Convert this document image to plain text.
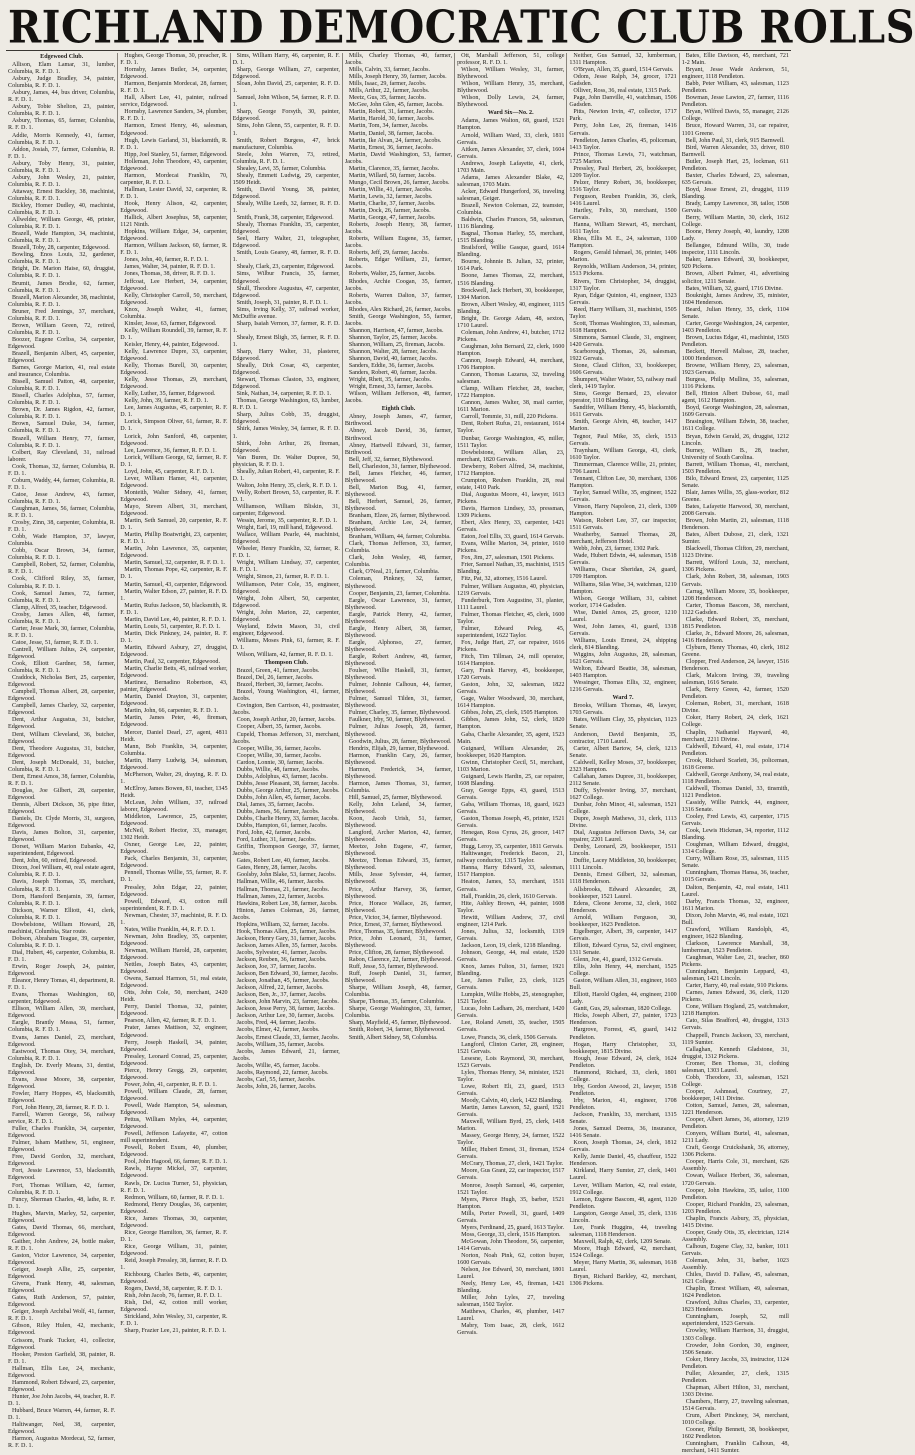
RICHLAND DEMOCRATIC CLUB ROLLS

Edgewood Club.

Allison, Elam Lamar, 31, lumber, Columbia, R. F. D. 1.

Asbury, Judge Bradley, 34, painter, Columbia, R. F. D. 1.

Asbury, James, 44, bus driver, Columbia, R. F. D. 1.

Asbury, Tobie Shelton, 23, painter, Columbia, R. F. D. 1.

Asbury, Thomas, 65, farmer, Columbia, R. F. D. 1.

Addie, Morris Kennedy, 41, farmer, Columbia, R. F. D. 1.

Addon, Josiah, 77, farmer, Columbia, R. F. D. 1.

Asbury, Toby Henry, 31, painter, Columbia, R. F. D. 1.

Asbury, John Wesley, 21, painter, Columbia, R. F. D. 1.

Attaway, Ernest Buckley, 38, machinist, Columbia, R. F. D. 1.

Bickley, Homer Dudley, 40, machinist, Columbia, R. F. D. 1.

Allwelder, William George, 48, printer, Columbia, R. F. D. 1.

Brazell, Wade Hampton, 34, machinist, Columbia, R. F. D. 1.

Brazell, Toby, 28, carpenter, Edgewood.

Bowling, Enos Louis, 32, gardener, Columbia, R. F. D. 1.

Bright, Dr. Marion Haise, 60, druggist, Columbia, R. F. D. 1.

Brumit, James Brodie, 62, farmer, Columbia, R. F. D. 1.

Brazell, Marion Alexander, 38, machinist, Columbia, R. F. D. 1.

Bruner, Fred Jennings, 37, merchant, Columbia, R. F. D. 1.

Brown, William Green, 72, retired, Columbia, R. F. D. 1.

Boozer, Eugene Corliss, 34, carpenter, Edgewood.

Brazell, Benjamin Albert, 45, carpenter, Edgewood.

Barnes, George Marion, 41, real estate and insurance, Columbia.

Bissell, Samuel Patton, 48, carpenter, Columbia, R. F. D. 1.

Bissell, Charles Adolphus, 57, farmer, Columbia, R. F. D. 1.

Brown, Dr. James Rigdon, 42, farmer, Columbia, R. F. D. 1.

Brown, Samuel Duke, 34, farmer, Columbia, R. F. D. 1.

Brazell, William Henry, 77, farmer, Columbia, R. F. D. 1.

Colbert, Ray Cleveland, 31, railroad laborer.

Cook, Thomas, 32, farmer, Columbia, R. F. D. 1.

Coburn, Waddy, 44, farmer, Columbia, R. F. D. 1.

Catoe, Jesse Andrew, 43, farmer, Columbia, R. F. D. 1.

Caughman, James, 56, farmer, Columbia, R. F. D. 1.

Crosby, Zinn, 38, carpenter, Columbia, R. F. D. 1.

Cobb, Wade Hampton, 37, lawyer, Columbia.

Cobb, Oscar Brown, 34, farmer, Columbia, R. F. D. 1.

Campbell, Robert, 52, farmer, Columbia, R. F. D. 1.

Cook, Clifford Riley, 35, farmer, Columbia, R. F. D. 1.

Cook, Samuel James, 72, farmer, Columbia, R. F. D. 1.

Clamp, Alfred, 35, teacher, Edgewood.

Crosby, James Allen, 48, farmer, Columbia, R. F. D. 1.

Carter, Jesse Mark, 30, farmer, Columbia, R. F. D. 1.

Catoe, Jesse, 51, farmer, R. F. D. 1.

Cantrell, William Julius, 24, carpenter, Edgewood.

Cook, Elliott Gardner, 58, farmer, Columbia, R. F. D. 1.

Craddock, Nicholas Bert, 25, carpenter, Edgewood.

Campbell, Thomas Albert, 28, carpenter, Edgewood.

Campbell, James Charley, 32, carpenter, Edgewood.

Dent, Arthur Augustus, 31, butcher, Edgewood.

Dent, William Cleveland, 36, butcher, Edgewood.

Dent, Theodore Augustus, 31, butcher, Edgewood.

Dent, Joseph McDonald, 31, butcher, Columbia, R. F. D. 1.

Dent, Ernest Amos, 38, farmer, Columbia, R. F. D. 1.

Douglas, Joe Gilbert, 28, carpenter, Edgewood.

Dennis, Albert Dickson, 36, pipe fitter, Edgewood.

Daniels, Dr. Clyde Morris, 31, surgeon, Edgewood.

Davis, James Bolton, 31, carpenter, Edgewood.

Dorset, William Marion Eubanks, 42, superintendent, Edgewood.

Dent, John, 60, retired, Edgewood.

Dixon, Joel William, 40, real estate agent, Columbia, R. F. D. 1.

Davis, Joseph Thomas, 35, merchant, Columbia, R. F. D. 1.

Dorn, Hansford Benjamin, 39, farmer, Columbia, R. F. D. 1.

Dickson, Warner Elliott, 41, clerk, Columbia, R. F. D. 1.

Dowbelstone, William Howard, 28, machinist, Columbia, Star route.

Dobson, Abraham Teague, 39, carpenter, Columbia, R. F. D. 1.

Dial, Hubert, 46, carpenter, Columbia, R. F. D. 1.

Erwin, Roger Joseph, 24, painter, Edgewood.

Eleanor, Henry Tomas, 41, department, R. F. D. 1.

Evans, Thomas Washington, 60, carpenter, Edgewood.

Ellison, William Allen, 39, merchant, Edgewood.

Eargle, Brantly Measa, 51, farmer, Columbia, R. F. D. 1.

Evans, James Daniel, 23, merchant, Edgewood.

Eastwood, Thomas Otey, 34, merchant, Columbia, R. F. D. 1.

English, Dr. Everly Means, 31, dentist, Edgewood.

Evans, Jesse Moore, 38, carpenter, Edgewood.

Fowler, Harry Hoppes, 45, blacksmith, Edgewood.

Fort, John Henry, 28, farmer, R. F. D. 1.

Farrell, Warren George, 56, railway service, R. F. D. 1.

Fuller, Charles Franklin, 34, carpenter, Edgewood.

Fulmer, Isham Matthew, 51, engineer, Edgewood.

Free, David Gordon, 32, merchant, Edgewood.

Fort, Jessie Lawrence, 53, blacksmith, Edgewood.

Fort, Thomas William, 42, farmer, Columbia, R. F. D. 1.

Funcy, Sherman Charles, 48, lathe, R. F. D. 1.

Hughes, Marvin, Marley, 52, carpenter, Edgewood.

Gates, David Thomas, 66, merchant, Edgewood.

Gaither, John Andrew, 24, bottle maker, R. F. D. 1.

Gaston, Victor Lawrence, 34, carpenter, Edgewood.

Geiger, Joseph Allie, 25, carpenter, Edgewood.

Givens, Frank Henry, 48, salesman, Edgewood.

Gates, Ruth Anderson, 57, painter, Edgewood.

Geiger, Joseph Archibal Wolf, 41, farmer, R. F. D. 1.

Gibson, Riley Hulen, 42, mechanic, Edgewood.

Grissom, Frank Tucker, 41, collector, Edgewood.

Hooker, Preston Garfield, 38, painter, R. F. D. 1.

Hallman, Ellis Lee, 24, mechanic, Edgewood.

Hammond, Robert Edward, 23, carpenter, Edgewood.

Hunter, Joe John Jacobs, 44, teacher, R. F. D. 1.

Hubbard, Bruce Warren, 44, farmer, R. F. D. 1.

Haltiwanger, Ned, 38, carpenter, Edgewood.

Harmon, Augustus Mordecai, 52, farmer, R. F. D. 1.

Hughes, George Thomas, 30, preacher, R. F. D. 1.

Hornsby, James Butler, 34, carpenter, Edgewood.

Harmon, Benjamin Mordecai, 28, farmer, R. F. D. 1.

Hall, Albert Lee, 41, painter, railroad service, Edgewood.

Hornsby, Lawrence Sanders, 34, plumber, R. F. D. 1.

Harmon, Ernest Henry, 46, salesman, Edgewood.

Hugh, Lewis Garland, 31, blacksmith, R. F. D. 1.

Hipp, Joel Stanley, 51, farmer, Edgewood.

Holleman, John Theodore, 43, carpenter, Edgewood.

Harmon, Mordecai Franklin, 70, carpenter, R. F. D. 1.

Hallman, Lester David, 32, carpenter, R. F. D. 1.

Hook, Henry Alison, 42, carpenter, Edgewood.

Hallick, Albert Josephus, 58, carpenter, 1121 Ninth.

Hopkins, William Edgar, 34, carpenter, Edgewood.

Harmon, William Jackson, 60, farmer, R. F. D. 1.

Jones, John, 40, farmer, R. F. D. 1.

James, Walter, 34, painter, R. F. D. 1.

Jones, Thomas, 38, driver, R. F. D. 1.

Jeffcoat, Lee Herbert, 34, carpenter, Edgewood.

Kelly, Christopher Carroll, 50, merchant, Edgewood.

Knox, Joseph Walter, 41, farmer, Columbia.

Kinsler, Jesse, 63, farmer, Edgewood.

Kelly, William Roundell, 39, farmer, R. F. D. 1.

Keisler, Henry, 44, painter, Edgewood.

Kelly, Lawrence Dupre, 33, carpenter, Edgewood.

Kelly, Thomas Burell, 30, carpenter, Edgewood.

Kelly, Jesse Thomas, 29, merchant, Edgewood.

Kelly, Luther, 35, farmer, Edgewood.

Kelly, John, 39, farmer, R. F. D. 1.

Lee, James Augustus, 45, carpenter, R. F. D. 1.

Lorick, Simpson Oliver, 61, farmer, R. F. D. 1.

Lorick, John Sanford, 48, carpenter, Edgewood.

Lee, Lawrence, 36, farmer, R. F. D. 1.

Lorick, William George, 62, farmer, R. F. D. 1.

Loyd, John, 45, carpenter, R. F. D. 1.

Lever, William Hamer, 41, carpenter, Edgewood.

Monteith, Walter Sidney, 41, farmer, Edgewood.

Mayo, Steven Albert, 31, merchant, Edgewood.

Martin, Seth Samuel, 20, carpenter, R. F. D. 1.

Martin, Phillip Boatwright, 23, carpenter, R. F. D. 1.

Martin, John Lawrence, 35, carpenter, Edgewood.

Martin, Samuel, 32, carpenter, R. F. D. 1.

Martin, Thomas Pope, 42, carpenter, R. F. D. 1.

Martin, Samuel, 43, carpenter, Edgewood.

Martin, Walter Edson, 27, painter, R. F. D. 1.

Martin, Rufus Jackson, 50, blacksmith, R. F. D. 1.

Martin, David Lee, 40, painter, R. F. D. 1.

Martin, Louis, 51, carpenter, R. F. D. 1.

Martin, Dick Pinkney, 24, painter, R. F. D. 1.

Martin, Edward Asbury, 27, druggist, Edgewood.

Martin, Paul, 32, carpenter, Edgewood.

Martin, Charlie Betts, 45, railroad worker, Edgewood.

Martinez, Bernadino Robertson, 43, painter, Edgewood.

Martin, Daniel Drayton, 31, carpenter, Edgewood.

Martin, John, 66, carpenter, R. F. D. 1.

Martin, James Peter, 46, fireman, Edgewood.

Mercer, Daniel Dearl, 27, agent, 4811 Heidt.

Mann, Bob Franklin, 34, carpenter, Columbia.

Martin, Harry Ludwig, 34, salesman, Edgewood.

McPherson, Walter, 29, draying, R. F. D. 1.

McElroy, James Bowen, 81, teacher, 1345 Heidt.

McLean, John William, 37, railroad laborer, Edgewood.

Middleton, Lawrence, 25, carpenter, Edgewood.

McNeil, Robert Hector, 33, manager, 1302 Heidt.

Oxner, George Lee, 22, painter, Edgewood.

Pack, Charles Benjamin, 31, carpenter, Edgewood.

Pennell, Thomas Willie, 55, farmer, R. F. D. 1.

Pressley, John Edgar, 22, painter, Edgewood.

Powell, Edward, 43, cotton mill superintendent, R. F. D. 1.

Newman, Chester, 37, machinist, R. F. D. 1.

Nates, Willie Franklin, 44, R. F. D. 1.

Newman, John Bradley, 35, carpenter, Edgewood.

Newman, William Harold, 28, carpenter, Edgewood.

Nettles, Joseph Bates, 43, carpenter, Edgewood.

Owens, Samuel Harmon, 51, real estate, Edgewood.

Otts, John Cole, 50, merchant, 2420 Heidt.

Perry, Daniel Thomas, 32, painter, Edgewood.

Pearson, Allen, 42, farmer, R. F. D. 1.

Prater, James Mattison, 32, engineer, Edgewood.

Perry, Joseph Haskell, 34, painter, Edgewood.

Pressley, Leonard Conrad, 25, carpenter, Edgewood.

Pierce, Henry Gregg, 29, carpenter, Edgewood.

Power, John, 41, carpenter, R. F. D. 1.

Powell, William Claude, 28, farmer, Edgewood.

Powell, Wade Hampton, 54, salesman, Edgewood.

Pettus, William Myles, 44, carpenter, Edgewood.

Powell, Jefferson Lafayette, 47, cotton mill superintendent.

Powell, Robert Exum, 40, plumber, Edgewood.

Pool, John Hagood, 66, farmer, R. F. D. 1.

Rawls, Hayne Mickel, 37, carpenter, Edgewood.

Rawls, Dr. Lucius Turner, 51, physician, R. F. D. 1.

Redmon, William, 60, farmer, R. F. D. 1.

Redmond, Henry Douglas, 36, carpenter, Edgewood.

Rice, James Thomas, 30, carpenter, Edgewood.

Rice, George Hamilton, 36, farmer, R. F. D. 1.

Rice, George William, 31, painter, Edgewood.

Reid, Joseph Pressley, 38, farmer, R. F. D. 1.

Richbourg, Charles Betts, 46, carpenter, Edgewood.

Rogers, David, 38, carpenter, R. F. D. 1.

Rish, John Jacob, 76, farmer, R. F. D. 1.

Rish, Del, 42, cotton mill worker, Edgewood.

Strickland, John Wesley, 31, carpenter, R. F. D. 1.

Sharp, Frazier Lee, 21, painter, R. F. D. 1.

Sims, William Harry, 46, carpenter, R. F. D. 1.

Sharp, George William, 27, carpenter, Edgewood.

Sloan, John David, 25, carpenter, R. F. D. 1.

Samuel, John Wilson, 54, farmer, R. F. D. 1.

Sharp, George Forsyth, 30, painter, Edgewood.

Sims, John Glenn, 55, carpenter, R. F. D. 1.

Smith, Robert Burgess, 47, brick manufacturer, Columbia.

Steele, John Warren, 73, retired, Columbia, R. F. D. 1.

Shealey, Levi, 35, farmer, Columbia.

Shealy, Emmett Ludwig, 29, carpenter, 1509 Heidt.

Smith, David Young, 38, painter, Edgewood.

Shealy, Willie Leeth, 32, farmer, R. F. D. 1.

Smith, Frank, 38, carpenter, Edgewood.

Shealy, Thomas Franklin, 35, carpenter, Edgewood.

Seel, Harry Walter, 21, telegrapher, Edgewood.

Smith, Louis Gearey, 48, farmer, R. F. D. 1.

Shealy, Clark, 23, carpenter, Edgewood.

Sims, Wilbur Francis, 35, farmer, Edgewood.

Shull, Theodore Augustus, 47, carpenter, Edgewood.

Smith, Joseph, 31, painter, R. F. D. 1.

Sims, Irving Kelly, 37, railroad worker, McDuffie avenue.

Sharp, Isaiah Vernon, 37, farmer, R. F. D. 1.

Shealy, Ernest Bligh, 35, farmer, R. F. D. 1.

Sharp, Harry Walter, 31, plasterer, Edgewood.

Sheally, Dirk Cosar, 43, carpenter, Edgewood.

Stewart, Thomas Claston, 33, engineer, Edgewood.

Sink, Nathan, 34, carpenter, R. F. D. 1.

Thomas, George Washington, 63, lumber, R. F. D. 1.

Sharp, Julius Cobb, 35, druggist, Edgewood.

Shirk, James Wesley, 34, farmer, R. F. D. 1.

Shirk, John Arthur, 26, fireman, Edgewood.

Van Buren, Dr. Walter Dupree, 50, physician, R. F. D. 1.

Sheally, Julian Robert, 41, carpenter, R. F. D. 1.

Walton, John Henry, 35, clerk, R. F. D. 1.

Welly, Robert Brown, 53, carpenter, R. F. D. 1.

Williamson, William Bliskin, 31, carpenter, Edgewood.

Wessin, Jerome, 35, carpenter, R. F. D. 1.

Wright, Earl, 19, mill hand, Edgewood.

Wallace, William Pearle, 44, machinist, Edgewood.

Wheeler, Henry Franklin, 32, farmer, R. F. D. 1.

Wright, William Lindsay, 37, carpenter, R. F. D. 1.

Wright, Simon, 21, farmer, R. F. D. 1.

Williamson, Peter Cole, 35, engineer, Edgewood.

Wright, John Albert, 50, carpenter, Edgewood.

Wright, John Marion, 22, carpenter, Edgewood.

Wayland, Edwin Mason, 31, civil engineer, Edgewood.

Williams, Moses Pink, 61, farmer, R. F. D. 1.

Wilson, William, 42, farmer, R. F. D. 1.

Thompson Club.

Brazel, Green, 41, farmer, Jacobs.

Brazel, Del, 26, farmer, Jacobs.

Brazel, Herbert, 30, farmer, Jacobs.

Brazel, Young Washington, 41, farmer, Jacobs.

Covington, Ben Carrison, 41, postmaster, Jacobs.

Coon, Joseph Arthur, 20, farmer, Jacobs.

Cooper, Albert, 35, farmer, Jacobs.

Cupeld, Thomas Jefferson, 31, merchant, Jacobs.

Cooper, Willie, 36, farmer, Jacobs.

Cooper, Willie, 30, farmer, Jacobs.

Cardon, Lonnie, 30, farmer, Jacobs.

Dubbs, Willie, 48, farmer, Jacobs.

Dubbs, Adolphus, 43, farmer, Jacobs.

Dubbs, Jesse Pleasant, 38, farmer, Jacobs.

Dubbs, George Arthur, 25, farmer, Jacobs.

Dubbs, John Allen, 45, farmer, Jacobs.

Dial, James, 35, farmer, Jacobs.

Dubbs, James, 56, farmer, Jacobs.

Dubbs, Charlie Henry, 33, farmer, Jacobs.

Dubbs, Hampton, 61, farmer, Jacobs.

Ford, John, 42, farmer, Jacobs.

Ford, Luther, 31, farmer, Jacobs.

Griffin, Thompson George, 37, farmer, Jacobs.

Gates, Robert Lee, 40, farmer, Jacobs.

Gates, Henry, 28, farmer, Jacobs.

Goolsby, John Blake, 53, farmer, Jacobs.

Hallman, Willie, 46, farmer, Jacobs.

Hallman, Thomas, 21, farmer, Jacobs.

Hallman, James, 22, farmer, Jacobs.

Hawkins, Robert Lee, 38, farmer, Jacobs.

Hinton, James Coleman, 26, farmer, Jacobs.

Hopkins, William, 32, farmer, Jacobs.

Hook, Thomas Allen, 25, farmer, Jacobs.

Jackson, Henry Gary, 31, farmer, Jacobs.

Jackson, James Allen, 35, farmer, Jacobs.

Jacobs, Sylvester, 41, farmer, Jacobs.

Jackson, Reuben, 36, farmer, Jacobs.

Jackson, Joe, 37, farmer, Jacobs.

Jackson, Ben Edward, 30, farmer, Jacobs.

Jackson, Jonathan, 45, farmer, Jacobs.

Jackson, Alfred, 22, farmer, Jacobs.

Jackson, Ben, Jr., 37, farmer, Jacobs.

Jackson, John Marvin, 23, farmer, Jacobs.

Jackson, Jesse Perry, 38, farmer, Jacobs.

Jackson, Arthur Lee, 30, farmer, Jacobs.

Jacobs, Fred, 44, farmer, Jacobs.

Jacobs, Elmer, 42, farmer, Jacobs.

Jacobs, Ernest Claude, 33, farmer, Jacobs.

Jacobs, William, 35, farmer, Jacobs.

Jacobs, James Edward, 21, farmer, Jacobs.

Jacobs, Willie, 45, farmer, Jacobs.

Jacobs, Raymond, 22, farmer, Jacobs.

Jacobs, Carl, 55, farmer, Jacobs.

Jacobs, John, 26, farmer, Jacobs.

Mills, Charley Thomas, 40, farmer, Jacobs.

Mills, Calvin, 33, farmer, Jacobs.

Mills, Joseph Henry, 39, farmer, Jacobs.

Mills, Isaac, 29, farmer, Jacobs.

Mills, Arthur, 22, farmer, Jacobs.

Meetz, Gus, 35, farmer, Jacobs.

McGee, John Glen, 45, farmer, Jacobs.

Martin, Robert, 31, farmer, Jacobs.

Martin, Harold, 30, farmer, Jacobs.

Martin, Tom, 34, farmer, Jacobs.

Martin, Daniel, 38, farmer, Jacobs.

Martin, Ike Alvan, 24, farmer, Jacobs.

Martin, Ernest, 36, farmer, Jacobs.

Martin, David Washington, 53, farmer, Jacobs.

Martin, Clarence, 35, farmer, Jacobs.

Martin, Willard, 50, farmer, Jacobs.

Mungo, Cecil Brown, 26, farmer, Jacobs.

Martin, Willie, 41, farmer, Jacobs.

Martin, Lewis, 32, farmer, Jacobs.

Martin, Charlie, 37, farmer, Jacobs.

Martin, Dock, 26, farmer, Jacobs.

Martin, George, 47, farmer, Jacobs.

Roberts, Joseph Henry, 38, farmer, Jacobs.

Roberts, William Eugene, 35, farmer, Jacobs.

Roberts, Jeff, 29, farmer, Jacobs.

Roberts, Edgar William, 21, farmer, Jacobs.

Roberts, Walter, 25, farmer, Jacobs.

Rhodes, Archie Coogan, 35, farmer, Jacobs.

Roberts, Warren Dalton, 37, farmer, Jacobs.

Rhodes, Alex Richard, 26, farmer, Jacobs.

Smith, George Washington, 55, farmer, Jacobs.

Shannon, Harrison, 47, farmer, Jacobs.

Shannon, Taylor, 25, farmer, Jacobs.

Shannon, William, 25, fireman, Jacobs.

Shannon, Walter, 28, farmer, Jacobs.

Shannon, David, 40, farmer, Jacobs.

Sanders, Eddie, 36, farmer, Jacobs.

Sanders, Robert, 40, farmer, Jacobs.

Wright, Rhett, 35, farmer, Jacobs.

Wright, Ernest, 33, farmer, Jacobs.

Wilson, William Jefferson, 48, farmer, Jacobs.

Eighth Club.

Abney, Joseph James, 47, farmer, Birthwood.

Abney, Jacob David, 36, farmer, Birthwood.

Abney, Hartwell Edward, 31, farmer, Birthwood.

Bell, Jeff, 32, farmer, Blythewood.

Bell, Charleston, 31, farmer, Blythewood.

Bell, James Fletcher, 46, farmer, Blythewood.

Bell, Marion Bug, 41, farmer, Blythewood.

Bell, Herbert, Samuel, 26, farmer, Blythewood.

Branham, Elzee, 26, farmer, Blythewood.

Branham, Archie Lee, 24, farmer, Blythewood.

Branham, William, 44, farmer, Columbia.

Clark, Thomas Jefferson, 33, farmer, Columbia.

Clark, John Wesley, 48, farmer, Columbia.

Clark, O'Neal, 21, farmer, Columbia.

Coleman, Pinkney, 32, farmer, Blythewood.

Cooper, Benjamin, 23, farmer, Columbia.

Eargle, Oscar Lawrence, 31, farmer, Blythewood.

Eargle, Patrick Henry, 42, farmer, Blythewood.

Eargle, Henry Albert, 38, farmer, Blythewood.

Eargle, Alphonso, 27, farmer, Blythewood.

Eargle, Robert Andrew, 48, farmer, Blythewood.

Foulser, Willie Haskell, 31, farmer, Blythewood.

Fulmer, Johnnie Calhoun, 44, farmer, Blythewood.

Fulmer, Samuel Tilden, 31, farmer, Blythewood.

Fulmer, Charley, 35, farmer, Blythewood.

Faulkner, Irby, 50, farmer, Blythewood.

Fulmer, Julius Joseph, 28, farmer, Blythewood.

Goodwin, Julius, 28, farmer, Blythewood.

Hendrix, Elijah, 29, farmer, Blythewood.

Harmon, Franklin Cary, 26, farmer, Blythewood.

Harmon, Frederick, 34, farmer, Blythewood.

Harmon, James Thomas, 31, farmer, Columbia.

Hill, Samuel, 25, farmer, Blythewood.

Kelly, John Leland, 34, farmer, Blythewood.

Koon, Jacob Urish, 51, farmer, Blythewood.

Langford, Archer Marion, 42, farmer, Blythewood.

Meetze, John Eugene, 47, farmer, Blythewood.

Meetze, Thomas Edward, 35, farmer, Blythewood.

Mills, Jesse Sylvester, 44, farmer, Blythewood.

Price, Arthur Harvey, 36, farmer, Blythewood.

Price, Horace Wallace, 26, farmer, Blythewood.

Price, Victor, 34, farmer, Blythewood.

Price, Ernest, 37, farmer, Blythewood.

Price, Thomas, 35, farmer, Blythewood.

Price, John Leonard, 31, farmer, Blythewood.

Price, Clifton, 28, farmer, Blythewood.

Rabon, Clarence, 22, farmer, Blythewood.

Ruff, Jesse, 53, farmer, Blythewood.

Ruff, Joseph Daniel, 31, farmer, Blythewood.

Sharpe, William Joseph, 48, farmer, Columbia.

Sharpe, Thomas, 35, farmer, Columbia.

Sharpe, George Washington, 33, farmer, Columbia.

Sharp, Mayfield, 45, farmer, Blythewood.

Smith, Robert, 34, farmer, Blythewood.

Smith, Albert Sidney, 58, Columbia.

Ott, Marshall Jefferson, 51, college professor, R. F. D. 1.

Wilson, William Wesley, 31, farmer, Blythewood.

Wilson, William Henry, 35, merchant, Blythewood.

Wilson, Dolly Lewis, 24, farmer, Blythewood.

Ward Six—No. 2.

Adams, James Walton, 68, guard, 1521 Hampton.

Arnold, William Ward, 33, clerk, 1811 Gervais.

Aitken, James Alexander, 37, clerk, 1604 Gervais.

Andrews, Joseph Lafayette, 41, clerk, 1703 Main.

Adams, James Alexander Blake, 42, salesman, 1703 Main.

Acker, Edward Hungerford, 36, traveling salesman, Geiger.

Brazell, Newton Coleman, 22, teamster, Columbia.

Baldwin, Charles Frances, 58, salesman, 1116 Blanding.

Bagnal, Thomas Harley, 55, merchant, 1515 Blanding.

Brailsford, Willie Gasque, guard, 1614 Blanding.

Bourne, Johnnie B. Julian, 32, printer, 1614 Park.

Boone, James Thomas, 22, merchant, 1516 Blanding.

Brockwell, Jack Herbert, 30, bookkeeper, 1304 Marion.

Brown, Albert Wesley, 40, engineer, 1115 Blanding.

Bright, Dr. George Adam, 48, sexton, 1710 Laurel.

Coleman, John Andrew, 41, butcher, 1712 Pickens.

Caughman, John Bernard, 22, clerk, 1600 Hampton.

Cannon, Joseph Edward, 44, merchant, 1706 Hampton.

Cannon, Thomas Lazarus, 32, traveling salesman.

Clamp, William Fletcher, 28, teacher, 1722 Hampton.

Cannon, James Walter, 38, mail carrier, 1611 Marion.

Carroll, Tommie, 31, mill, 220 Pickens.

Dent, Robert Rufus, 21, restaurant, 1614 Taylor.

Dunbar, George Washington, 45, miller, 1511 Taylor.

Dowbelstone, William Allan, 23, merchant, 1820 Gervais.

Dewberry, Robert Alfred, 34, machinist, 1712 Hampton.

Crumpton, Reuben Franklin, 28, real estate, 1410 Park.

Dial, Augustus Moore, 41, lawyer, 1613 Pickens.

Davis, Harmon Lindsey, 33, pressman, 1309 Pickens.

Ebert, Alex Henry, 33, carpenter, 1421 Gervais.

Eaton, Joel Ellis, 33, guard, 1614 Gervais.

Evans, Willie Marion, 34, printer, 1610 Pickens.

Fox, Jim, 27, salesman, 1501 Pickens.

Frier, Samuel Nathan, 35, machinist, 1515 Blanding.

Fitz, Pat, 32, attorney, 1516 Laurel.

Fulmer, William Augustus, 40, physician, 1219 Gervais.

Funderburk, Tom Augustine, 31, planter, 1111 Laurel.

Fulmer, Thomas Fletcher, 45, clerk, 1600 Taylor.

Fulmer, Edward Peleg, 45, superintendent, 1622 Taylor.

Fox, Judge Hart, 27, car repairer, 1616 Pickens.

Fitch, Tim Tillman, 24, mill operator, 1614 Hampton.

Gary, Frank Harvey, 45, bookkeeper, 1720 Gervais.

Gaston, John, 32, salesman, 1822 Gervais.

Gage, Walter Woodward, 30, merchant, 1614 Hampton.

Gibbes, John, 25, clerk, 1505 Hampton.

Gibbes, James John, 52, clerk, 1820 Hampton.

Gaba, Charlie Alexander, 35, agent, 1523 Main.

Guignard, William Alexander, 26, bookkeeper, 1620 Hampton.

Gwinn, Christopher Cecil, 51, merchant, 1103 Marion.

Guignard, Lewis Hardin, 25, car repairer, 1608 Blanding.

Gray, George Epps, 43, guard, 1513 Gervais.

Gaba, William Thomas, 18, guard, 1623 Gervais.

Gaston, Thomas Joseph, 45, printer, 1521 Gervais.

Henegan, Ross Cyrus, 26, grocer, 1417 Gervais.

Hugg, Leroy, 35, carpenter, 1811 Gervais.

Haltiwanger, Frederick Bacon, 21, railway conductor, 1315 Taylor.

Hanna, Harry Edward, 33, salesman, 1517 Hampton.

Heaton, James, 53, merchant, 1511 Gervais.

Hall, Franklin, 26, clerk, 1610 Gervais.

Hite, Ashley Brown, 44, painter, 1608 Taylor.

Hewitt, William Andrew, 37, civil engineer, 1214 Park.

Jones, Julius, 32, locksmith, 1319 Gervais.

Jackson, Leon, 19, clerk, 1218 Blanding.

Johnson, George, 44, real estate, 1520 Gervais.

Knox, James Fulton, 31, farmer, 1921 Blanding.

Lee, James Fuller, 23, clerk, 1125 Gervais.

Lumpkin, Willie Hobbs, 25, stenographer, 1521 Taylor.

Lucas, John Ladham, 26, merchant, 1420 Gervais.

Lee, Roland Arnett, 35, teacher, 1505 Gervais.

Lowe, Francis, 36, clerk, 1506 Gervais.

Langford, Clinton Carter, 28, engineer, 1521 Gervais.

Lesesne, Lois Raymond, 30, merchant, 1523 Gervais.

Lyles, Thomas Henry, 34, minister, 1521 Taylor.

Lowe, Robert Eli, 23, guard, 1513 Gervais.

Moody, Calvin, 40, clerk, 1422 Blanding.

Martin, James Lawson, 52, guard, 1521 Gervais.

Maxwell, William Byrd, 25, clerk, 1418 Marion.

Massey, George Henry, 24, farmer, 1522 Taylor.

Miller, Hubert Ernest, 31, fireman, 1524 Gervais.

McCrary, Thomas, 27, clerk, 1421 Taylor.

Moore, Gus Grant, 22, car inspector, 1517 Gervais.

Monroe, Joseph Samuel, 46, carpenter, 1521 Taylor.

Myers, Pierce Hugh, 35, barber, 1521 Hampton.

Mills, Porter Powell, 31, guard, 1409 Gervais.

Myers, Ferdinand, 25, guard, 1613 Taylor.

Moss, George, 33, clerk, 1516 Hampton.

McGowan, John Theodore, 56, carpenter, 1414 Gervais.

Norton, Noah Pink, 62, cotton buyer, 1600 Gervais.

Nelson, Joe Edward, 30, merchant, 1801 Laurel.

Neely, Henry Lee, 45, fireman, 1421 Blanding.

Miller, John Lyles, 27, traveling salesman, 1502 Taylor.

Matthews, Charles, 46, plumber, 1417 Laurel.

Mabry, Tom Isaac, 28, clerk, 1612 Gervais.

Neither, Gus Samuel, 32, lumberman, 1311 Hampton.

O'Bryan, Allen, 35, guard, 1514 Gervais.

Odom, Jesse Ralph, 34, grocer, 1721 Gadsden.

Olliver, Ross, 36, real estate, 1315 Park.

Page, John Danville, 41, watchman, 1506 Gadsden.

Pitts, Newton Irvin, 47, collector, 1717 Park.

Perry, John Lee, 26, fireman, 1416 Gervais.

Pendleton, James Charles, 45, policeman, 1413 Taylor.

Prince, Thomas Lewis, 71, watchman, 1725 Marion.

Pressley, Paul Herbert, 26, bookkeeper, 1209 Taylor.

Pelzer, Henry Robert, 36, bookkeeper, 1516 Taylor.

Ferguson, Reuben Franklin, 36, clerk, 1416 Laurel.

Hartley, Felix, 30, merchant, 1500 Gervais.

Hanna, William Stewart, 45, merchant, 1611 Taylor.

Rhea, Ellis M. E., 24, salesman, 1100 Hampton.

Rogers, Gerald Ishmael, 36, printer, 1406 Marion.

Reynolds, William Anderson, 34, printer, 1513 Pickens.

Rivers, Tom Christopher, 34, druggist, 1317 Taylor.

Ryan, Edgar Quinton, 41, engineer, 1323 Gervais.

Reed, Harry William, 31, machinist, 1505 Taylor.

Scott, Thomas Washington, 33, salesman, 1618 Hampton.

Simmons, Samuel Claude, 31, engineer, 1420 Gervais.

Scarborough, Thomas, 26, salesman, 1922 Gervais.

Stone, Claud Clifton, 33, bookkeeper, 1606 Gervais.

Shumpert, Walter Wister, 53, railway mail clerk, 1419 Taylor.

Sims, George Bernard, 23, elevator operator, 1110 Blanding.

Sandifer, William Henry, 45, blacksmith, 1611 Gervais.

Smith, George Alvin, 48, teacher, 1417 Marion.

Tegnor, Paul Mike, 35, clerk, 1513 Gervais.

Traynham, William Georga, 43, clerk, 1610 Taylor.

Timmerman, Clarence Willie, 21, printer, 1706 Laurel.

Tennant, Clifton Lee, 30, merchant, 1306 Hampton.

Taylor, Samuel Willie, 35, engineer, 1522 Gervais.

Vinson, Harry Napoleon, 21, clerk, 1309 Hampton.

Watson, Robert Lee, 37, car inspector, 1511 Gervais.

Weatherby, Samuel Thomas, 28, merchant, Jefferson Hotel.

Webb, John, 23, farmer, 1302 Park.

Wade, Hubert Edwin, 44, salesman, 1518 Gervais.

Williams, Oscar Sheridan, 24, guard, 1709 Hampton.

Williams, Silas Wise, 34, watchman, 1210 Hampton.

Wilson, George William, 31, cabinet worker, 1714 Gadsden.

Wise, Daniel Amos, 25, grocer, 1210 Laurel.

West, John James, 41, guard, 1318 Gervais.

Williams, Louis Ernest, 24, shipping clerk, 814 Blanding.

Wiggins, John Augustus, 28, salesman, 1621 Gervais.

Welton, Edward Beattie, 38, salesman, 1403 Hampton.

Wessinger, Thomas Ellis, 32, engineer, 1216 Gervais.

Ward 7.

Brooks, William Thomas, 48, lawyer, 1703 Gervais.

Bates, William Clay, 35, physician, 1123 Senate.

Anderson, David Benjamin, 35, contractor, 1710 Laurel.

Carter, Albert Bartow, 54, clerk, 1213 Senate.

Caldwell, Kelley Moses, 37, bookkeeper, 2323 Hampton.

Callahan, James Dupree, 31, bookkeeper, 2112 Senate.

Duffy, Sylvester Irving, 37, merchant, 1627 College.

Dunbar, John Minor, 41, salesman, 1521 College.

Dupre, Joseph Mathews, 31, clerk, 1113 Divine.

Dial, Augustus Jefferson Davis, 34, car repairer, 2201 Laurel.

Denby, Leonard, 29, bookkeeper, 1511 Lincoln.

Duffie, Lacey Middleton, 30, bookkeeper, 1111 Lincoln.

Dennis, Ernest Gilbert, 32, salesman, 1118 Henderson.

Allsbrooks, Edward Alexander, 28, bookkeeper, 1521 Laurel.

Edens, Cleone Jerome, 32, clerk, 1602 Henderson.

Arnold, William Ferguson, 30, bookkeeper, 1623 Pendleton.

Eigelberger, Albert, 39, carpenter, 1417 Gervais.

Elliott, Edward Cyrus, 52, civil engineer, 1311 Senate.

Glenn, Joe, 41, guard, 1312 Gervais.

Ellis, John Henry, 44, merchant, 1525 College.

Gaston, William Allen, 31, engineer, 1603 Bull.

Elliott, Harold Ogden, 44, engineer, 2100 Lady.

Gantt, Gus, 29, salesman, 1820 College.

Hicks, Joseph Albert, 27, painter, 1723 Henderson.

Hargrove, Forrest, 45, guard, 1412 Pendleton.

Hogan, Harry Christopher, 33, bookkeeper, 1815 Divine.

Hough, Jesse Edward, 24, clerk, 1624 Pendleton.

Hammond, Richard, 33, clerk, 1801 College.

Irby, Gordon Atwood, 21, lawyer, 1518 Pendleton.

Irby, Marion, 41, engineer, 1708 Pendleton.

Jackson, Franklin, 33, merchant, 1315 Senate.

Jones, Samuel Deems, 36, insurance, 1416 Senate.

Koon, Joseph Thomas, 24, clerk, 1812 Gervais.

Kelly, Jamie Daniel, 45, chauffeur, 1522 Henderson.

Kirkland, Harry Sumter, 27, clerk, 1401 Laurel.

Lever, William Marion, 42, real estate, 1912 College.

Lemon, Eugene Bascom, 48, agent, 1120 Pendleton.

Langston, George Ansel, 35, clerk, 1316 Lincoln.

Lee, Frank Huggins, 44, traveling salesman, 1118 Henderson.

Maxwell, Ralph, 42, clerk, 1209 Senate.

Moore, Hugh Edward, 42, merchant, 1524 College.

Meyer, Harry Martin, 36, salesman, 1618 Laurel.

Bryan, Richard Barkley, 42, merchant, 1306 Pickens.

Bates, Ellie Davison, 45, merchant, 721 1-2 Main.

Bryant, Jesse Wade Anderson, 51, engineer, 1118 Pendleton.

Babb, Peter William, 43, salesman, 1123 Pendleton.

Bowman, Jesse Lawton, 27, farmer, 1116 Pendleton.

Bryan, Wilfred Davis, 55, manager, 2126 College.

Bruce, Howard Warren, 31, car repairer, 1101 Greene.

Bell, John Paul, 31, clerk, 915 Barnwell.

Bird, Warren Alexander, 33, driver, 810 Barnwell.

Butler, Joseph Hart, 25, lockman, 611 Pendleton.

Baxter, Charles Edward, 23, salesman, 635 Gervais.

Boyd, Jesse Ernest, 21, druggist, 1119 Blanding.

Brady, Lampy Lawrence, 38, tailor, 1508 Gervais.

Berry, William Martin, 30, clerk, 1612 College.

Boone, Henry Joseph, 40, laundry, 1208 Lady.

Bellangee, Edmund Willis, 30, trade inspector, 1111 Lincoln.

Baker, James Edward, 30, bookkeeper, 920 Pickens.

Brown, Albert Palmer, 41, advertising solicitor, 1211 Senate.

Bates, William, 32, guard, 1716 Divine.

Bouknight, James Andrew, 35, minister, 1604 Henderson.

Beard, Julian Henry, 35, clerk, 1104 Senate.

Carter, George Washington, 24, carpenter, 1403 Pendleton.

Brown, Lucius Edgar, 41, machinist, 1503 Pendleton.

Beckett, Hervell Malisse, 28, teacher, 1000 Henderson.

Browne, William Henry, 23, salesman, 1923 Gervais.

Burgess, Philip Mullins, 35, salesman, 1116 Pickens.

Bell, Hinton Albert Dubose, 61, mail agent, 1612 Hampton.

Boyd, George Washington, 28, salesman, 1609 Gervais.

Brasington, William Edwin, 38, teacher, 1611 College.

Bryan, Edwin Gerald, 26, druggist, 1212 Lincoln.

Burney, William B., 28, teacher, University of South Carolina.

Barrett, William Thomas, 41, merchant, 1503 Pendleton.

Bilo, Edward Ernest, 23, carpenter, 1125 Senate.

Blair, James Willis, 35, glass-worker, 812 Greene.

Bates, Lafayette Harwood, 30, merchant, 2008 Gervais.

Brown, John Martin, 21, salesman, 1118 Henderson.

Bates, Albert Dubose, 21, clerk, 1321 Sumter.

Blackwell, Thomas Clifton, 29, merchant, 1123 Divine.

Barrett, Wilford Louis, 32, merchant, 1306 Pickens.

Clark, John Robert, 38, salesman, 1903 Gervais.

Carrag, William Moore, 35, bookkeeper, 1208 Henderson.

Carter, Thomas Bascom, 38, merchant, 1122 Gadsden.

Clarke, Edward Robert, 35, merchant, 1815 Pendleton.

Clarke, Jr., Edward Moore, 26, salesman, 1416 Henderson.

Clyburn, Henry Thomas, 40, clerk, 1812 Greene.

Clopper, Fred Anderson, 24, lawyer, 1516 Henderson.

Clark, Malcom Irving, 39, traveling salesman, 1616 Senate.

Clark, Berry Green, 42, farmer, 1520 Pendleton.

Coleman, Robert, 31, merchant, 1618 Divine.

Coker, Harry Robert, 24, clerk, 1621 College.

Chaplin, Nathaniel Hayward, 40, merchant, 2211 Divine.

Caldwell, Edward, 41, real estate, 1714 Pendleton.

Crook, Richard Scarlett, 36, policeman, 1618 Greene.

Caldwell, George Anthony, 34, real estate, 1118 Pendleton.

Caldwell, Thomas Daniel, 33, tinsmith, 1121 Pendleton.

Cassidy, Willie Patrick, 44, engineer, 1316 Senate.

Cooley, Fred Lewis, 43, carpenter, 1715 Gervais.

Cook, Lewis Hickman, 34, reporter, 1112 Blanding.

Coughman, William Edward, druggist, 1314 College.

Curry, William Rose, 35, salesman, 1115 Senate.

Cunningham, Thomas Hansa, 36, teacher, 1015 Gervais.

Dalton, Benjamin, 42, real estate, 1411 Laurel.

Darby, Francis Thomas, 32, engineer, 1611 Marion.

Dixon, John Marvin, 46, real estate, 1021 Bull.

Crawford, William Randolph, 45, engineer, 1622 Blanding.

Clarkson, Lawrence Marshall, 38, lumberman, 1523 Pendleton.

Caughman, Walter Lee, 21, teacher, 860 Pickens.

Cunningham, Benjamin Leppard, 43, salesman, 1421 Lincoln.

Carter, Harry, 40, real estate, 910 Pickens.

Carnes, James Edward, 36, clerk, 1120 Pickens.

Cone, William Hogland, 25, watchmaker, 1218 Hampton.

Cato, Silas Bradford, 40, druggist, 1313 Gervais.

Chappell, Francis Jackson, 33, merchant, 1119 Sumter.

Callaghan, Kenneth Gladstone, 31, druggist, 1312 Pickens.

Cromer, Ben Thomas, 31, clothing salesman, 1303 Laurel.

Cobb, Theodore, 33, salesman, 1521 College.

Cooper, Ashmead, Courtney, 27, bookkeeper, 1411 Divine.

Cotton, Samuel, James, 28, salesman, 1221 Henderson.

Cooper, Albert James, 36, attorney, 1219 Pendleton.

Conyers, William Burtel, 41, salesman, 1211 Lady.

Craft, George Cruickshank, 36, attorney, 1306 Pickens.

Cooper, Harris Cole, 31, merchant, 626 Assembly.

Cowan, Wallace Herbert, 36, salesman, 1720 Gervais.

Cooper, John Hawkins, 35, tailor, 1100 Pendleton.

Cooper, Richard Franklin, 23, salesman, 1203 Pendleton.

Chaplin, Francis Asbury, 35, physician, 1415 Divine.

Cooper, Grady Otis, 35, electrician, 1214 Assembly.

Calhoun, Eugene Clay, 32, banker, 1011 Gervais.

Coleman, John, 31, barber, 1023 Assembly.

Chiles, David D. Fallaw, 45, salesman, 1621 College.

Chaplin, Ernest William, 49, salesman, 1624 Pendleton.

Crawford, Julius Charles, 33, carpenter, 1823 Henderson.

Cunningham, Joseph, 52, mill superintendent, 1523 Gervais.

Crowley, William Harrison, 31, druggist, 1303 College.

Crowder, John Gordon, 30, engineer, 1506 Senate.

Coker, Henry Jacobs, 33, instructor, 1124 Pendleton.

Fuller, Alexander, 27, clerk, 1315 Pendleton.

Chapman, Albert Hilton, 31, merchant, 1303 Divine.

Chambers, Harry, 27, traveling salesman, 1514 Gervais.

Crum, Albert Pinckney, 34, merchant, 1010 College.

Cooner, Philip Bennett, 38, bookkeeper, 1602 Pendleton.

Cunningham, Franklin Calhoun, 48, merchant, 1411 Sumter.
